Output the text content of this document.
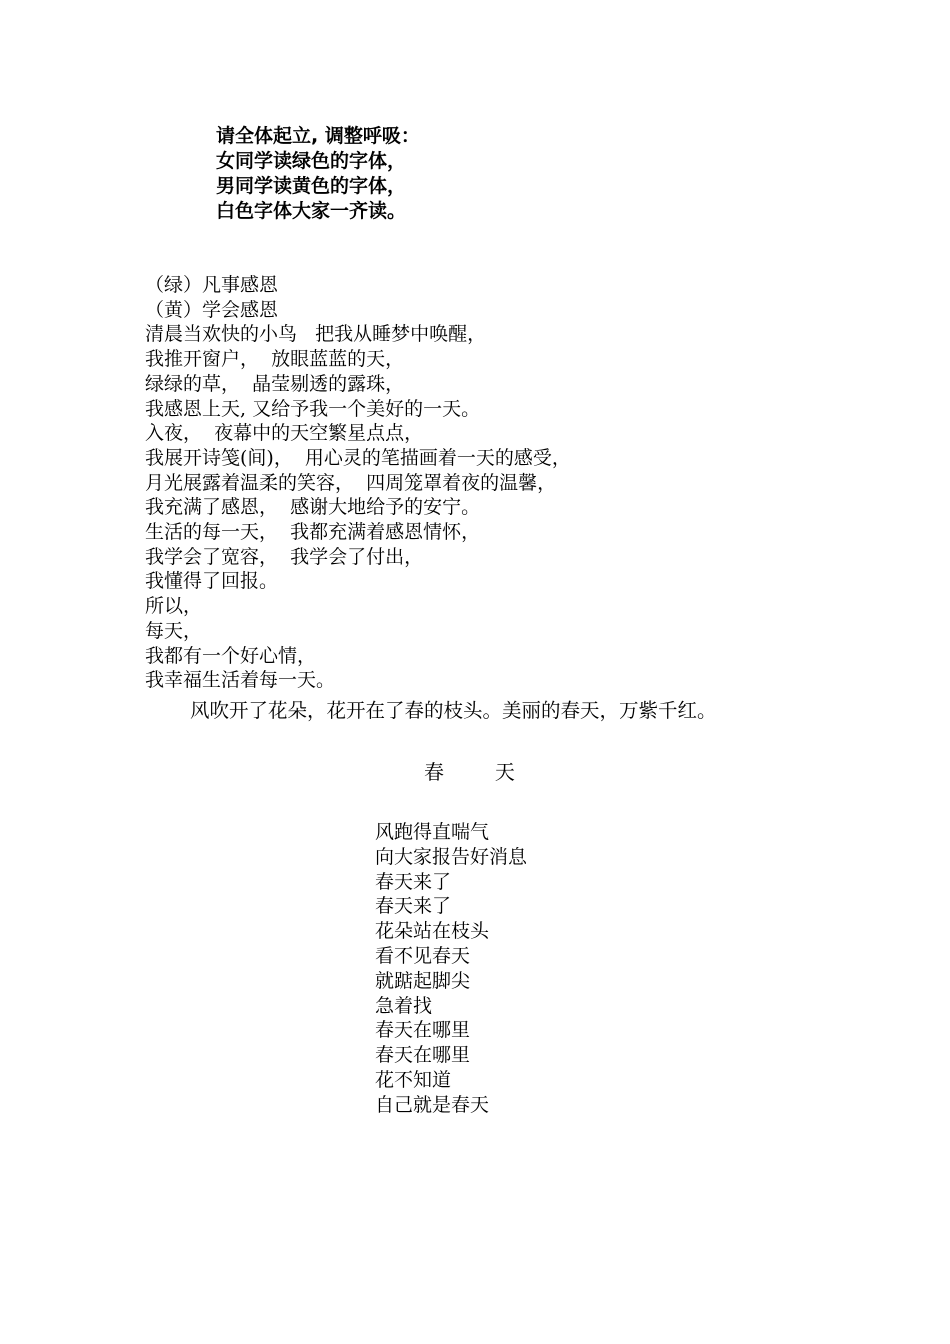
请全体起立, 调整呼吸：
女同学读绿色的字体，
男同学读黄色的字体，
白色字体大家一齐读。
（绿）凡事感恩
（黄）学会感恩
清晨当欢快的小鸟   把我从睡梦中唤醒，
我推开窗户，  放眼蓝蓝的天，
绿绿的草，  晶莹剔透的露珠，
我感恩上天, 又给予我一个美好的一天。
入夜，  夜幕中的天空繁星点点，
我展开诗笺(间)，  用心灵的笔描画着一天的感受，
月光展露着温柔的笑容，  四周笼罩着夜的温馨，
我充满了感恩，  感谢大地给予的安宁。
生活的每一天，  我都充满着感恩情怀，
我学会了宽容，  我学会了付出，
我懂得了回报。
所以，
每天，
我都有一个好心情，
我幸福生活着每一天。
风吹开了花朵，花开在了春的枝头。美丽的春天，万紫千红。
春        天
风跑得直喘气
向大家报告好消息
春天来了
春天来了
花朵站在枝头
看不见春天
就踮起脚尖
急着找
春天在哪里
春天在哪里
花不知道
自己就是春天
